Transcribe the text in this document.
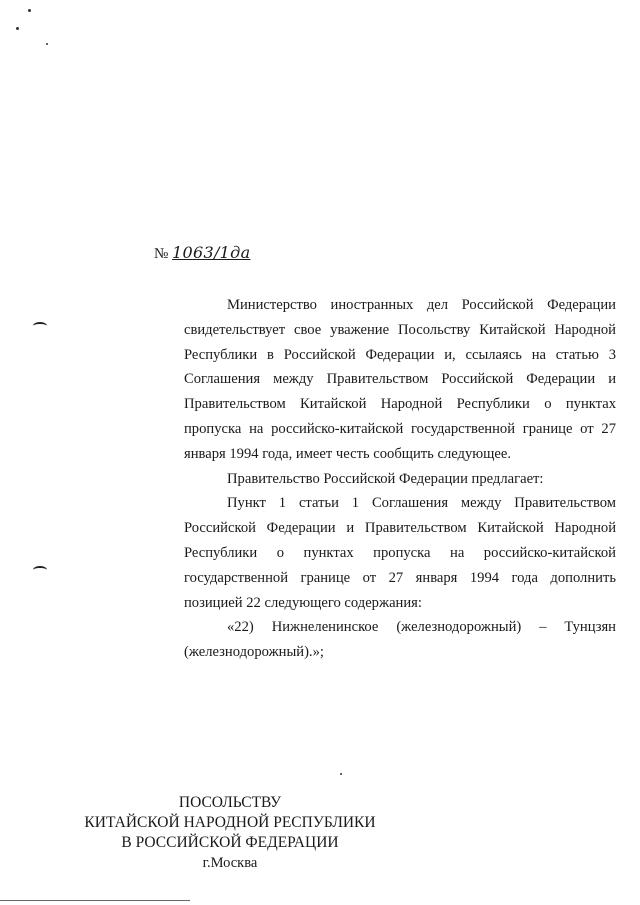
№ 1063/1да

Министерство иностранных дел Российской Федерации свидетельствует свое уважение Посольству Китайской Народной Республики в Российской Федерации и, ссылаясь на статью 3 Соглашения между Правительством Российской Федерации и Правительством Китайской Народной Республики о пунктах пропуска на российско-китайской государственной границе от 27 января 1994 года, имеет честь сообщить следующее.

Правительство Российской Федерации предлагает:

Пункт 1 статьи 1 Соглашения между Правительством Российской Федерации и Правительством Китайской Народной Республики о пунктах пропуска на российско-китайской государственной границе от 27 января 1994 года дополнить позицией 22 следующего содержания:

«22) Нижнеленинское (железнодорожный) – Тунцзян (железнодорожный).»;

ПОСОЛЬСТВУ
КИТАЙСКОЙ НАРОДНОЙ РЕСПУБЛИКИ
В РОССИЙСКОЙ ФЕДЕРАЦИИ

г.Москва
